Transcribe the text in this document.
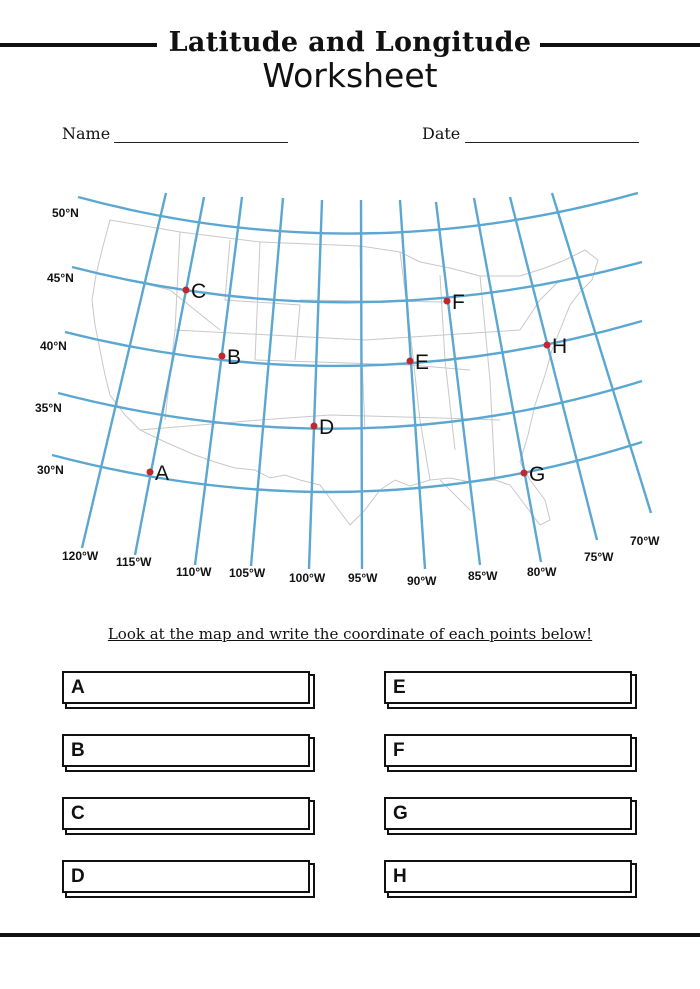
Latitude and Longitude
Worksheet
Name	Date
50°N
45°N
40°N
35°N
30°N
120°W 115°W
110°W 105°W 100°W 95°W 90°W	85°W 80°W
75°W
70°W
A
B
C
D
E
F
G
H
Look at the map and write the coordinate of each points below!
A
B
C
D
E
F
G
H
